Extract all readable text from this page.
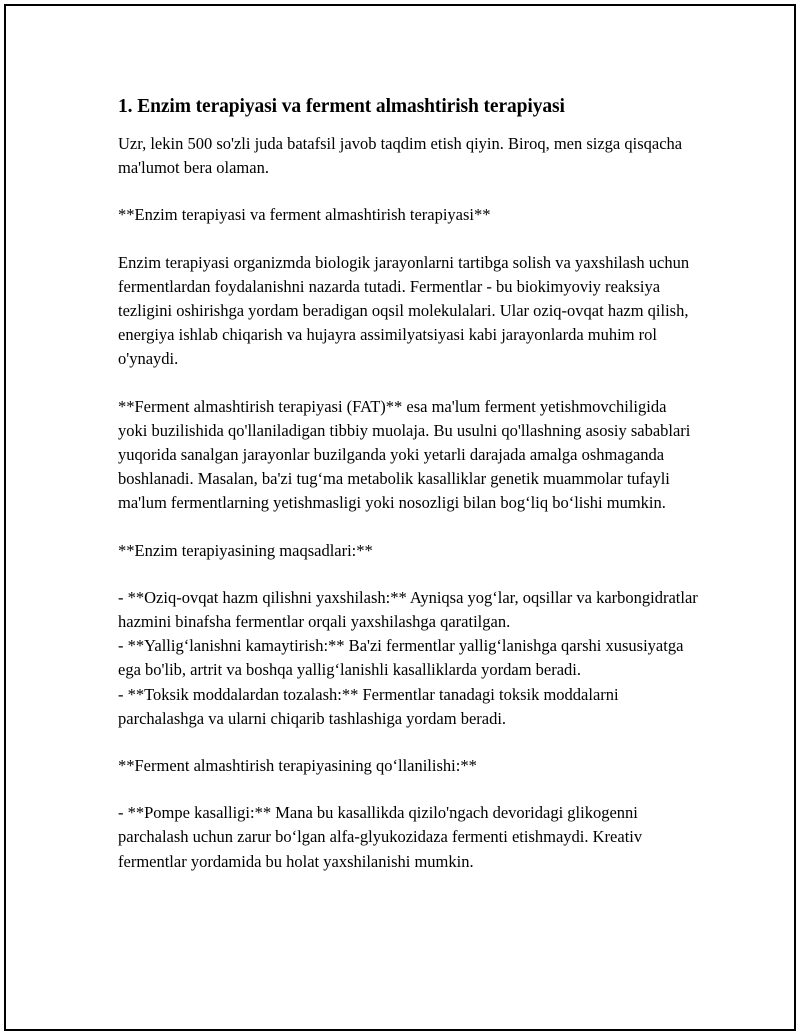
1. Enzim terapiyasi va ferment almashtirish terapiyasi

Uzr, lekin 500 so'zli juda batafsil javob taqdim etish qiyin. Biroq, men sizga qisqacha ma'lumot bera olaman.

**Enzim terapiyasi va ferment almashtirish terapiyasi**

Enzim terapiyasi organizmda biologik jarayonlarni tartibga solish va yaxshilash uchun fermentlardan foydalanishni nazarda tutadi. Fermentlar - bu biokimyoviy reaksiya tezligini oshirishga yordam beradigan oqsil molekulalari. Ular oziq-ovqat hazm qilish, energiya ishlab chiqarish va hujayra assimilyatsiyasi kabi jarayonlarda muhim rol o'ynaydi.

**Ferment almashtirish terapiyasi (FAT)** esa ma'lum ferment yetishmovchiligida yoki buzilishida qo'llaniladigan tibbiy muolaja. Bu usulni qo'llashning asosiy sabablari yuqorida sanalgan jarayonlar buzilganda yoki yetarli darajada amalga oshmaganda boshlanadi. Masalan, ba'zi tug‘ma metabolik kasalliklar genetik muammolar tufayli ma'lum fermentlarning yetishmasligi yoki nosozligi bilan bog‘liq bo‘lishi mumkin.

**Enzim terapiyasining maqsadlari:**

- **Oziq-ovqat hazm qilishni yaxshilash:** Ayniqsa yog‘lar, oqsillar va karbongidratlar hazmini binafsha fermentlar orqali yaxshilashga qaratilgan.
- **Yallig‘lanishni kamaytirish:** Ba'zi fermentlar yallig‘lanishga qarshi xususiyatga ega bo'lib, artrit va boshqa yallig‘lanishli kasalliklarda yordam beradi.
- **Toksik moddalardan tozalash:** Fermentlar tanadagi toksik moddalarni parchalashga va ularni chiqarib tashlashiga yordam beradi.

**Ferment almashtirish terapiyasining qo‘llanilishi:**

- **Pompe kasalligi:** Mana bu kasallikda qizilo'ngach devoridagi glikogenni parchalash uchun zarur bo‘lgan alfa-glyukozidaza fermenti etishmaydi. Kreativ fermentlar yordamida bu holat yaxshilanishi mumkin.
